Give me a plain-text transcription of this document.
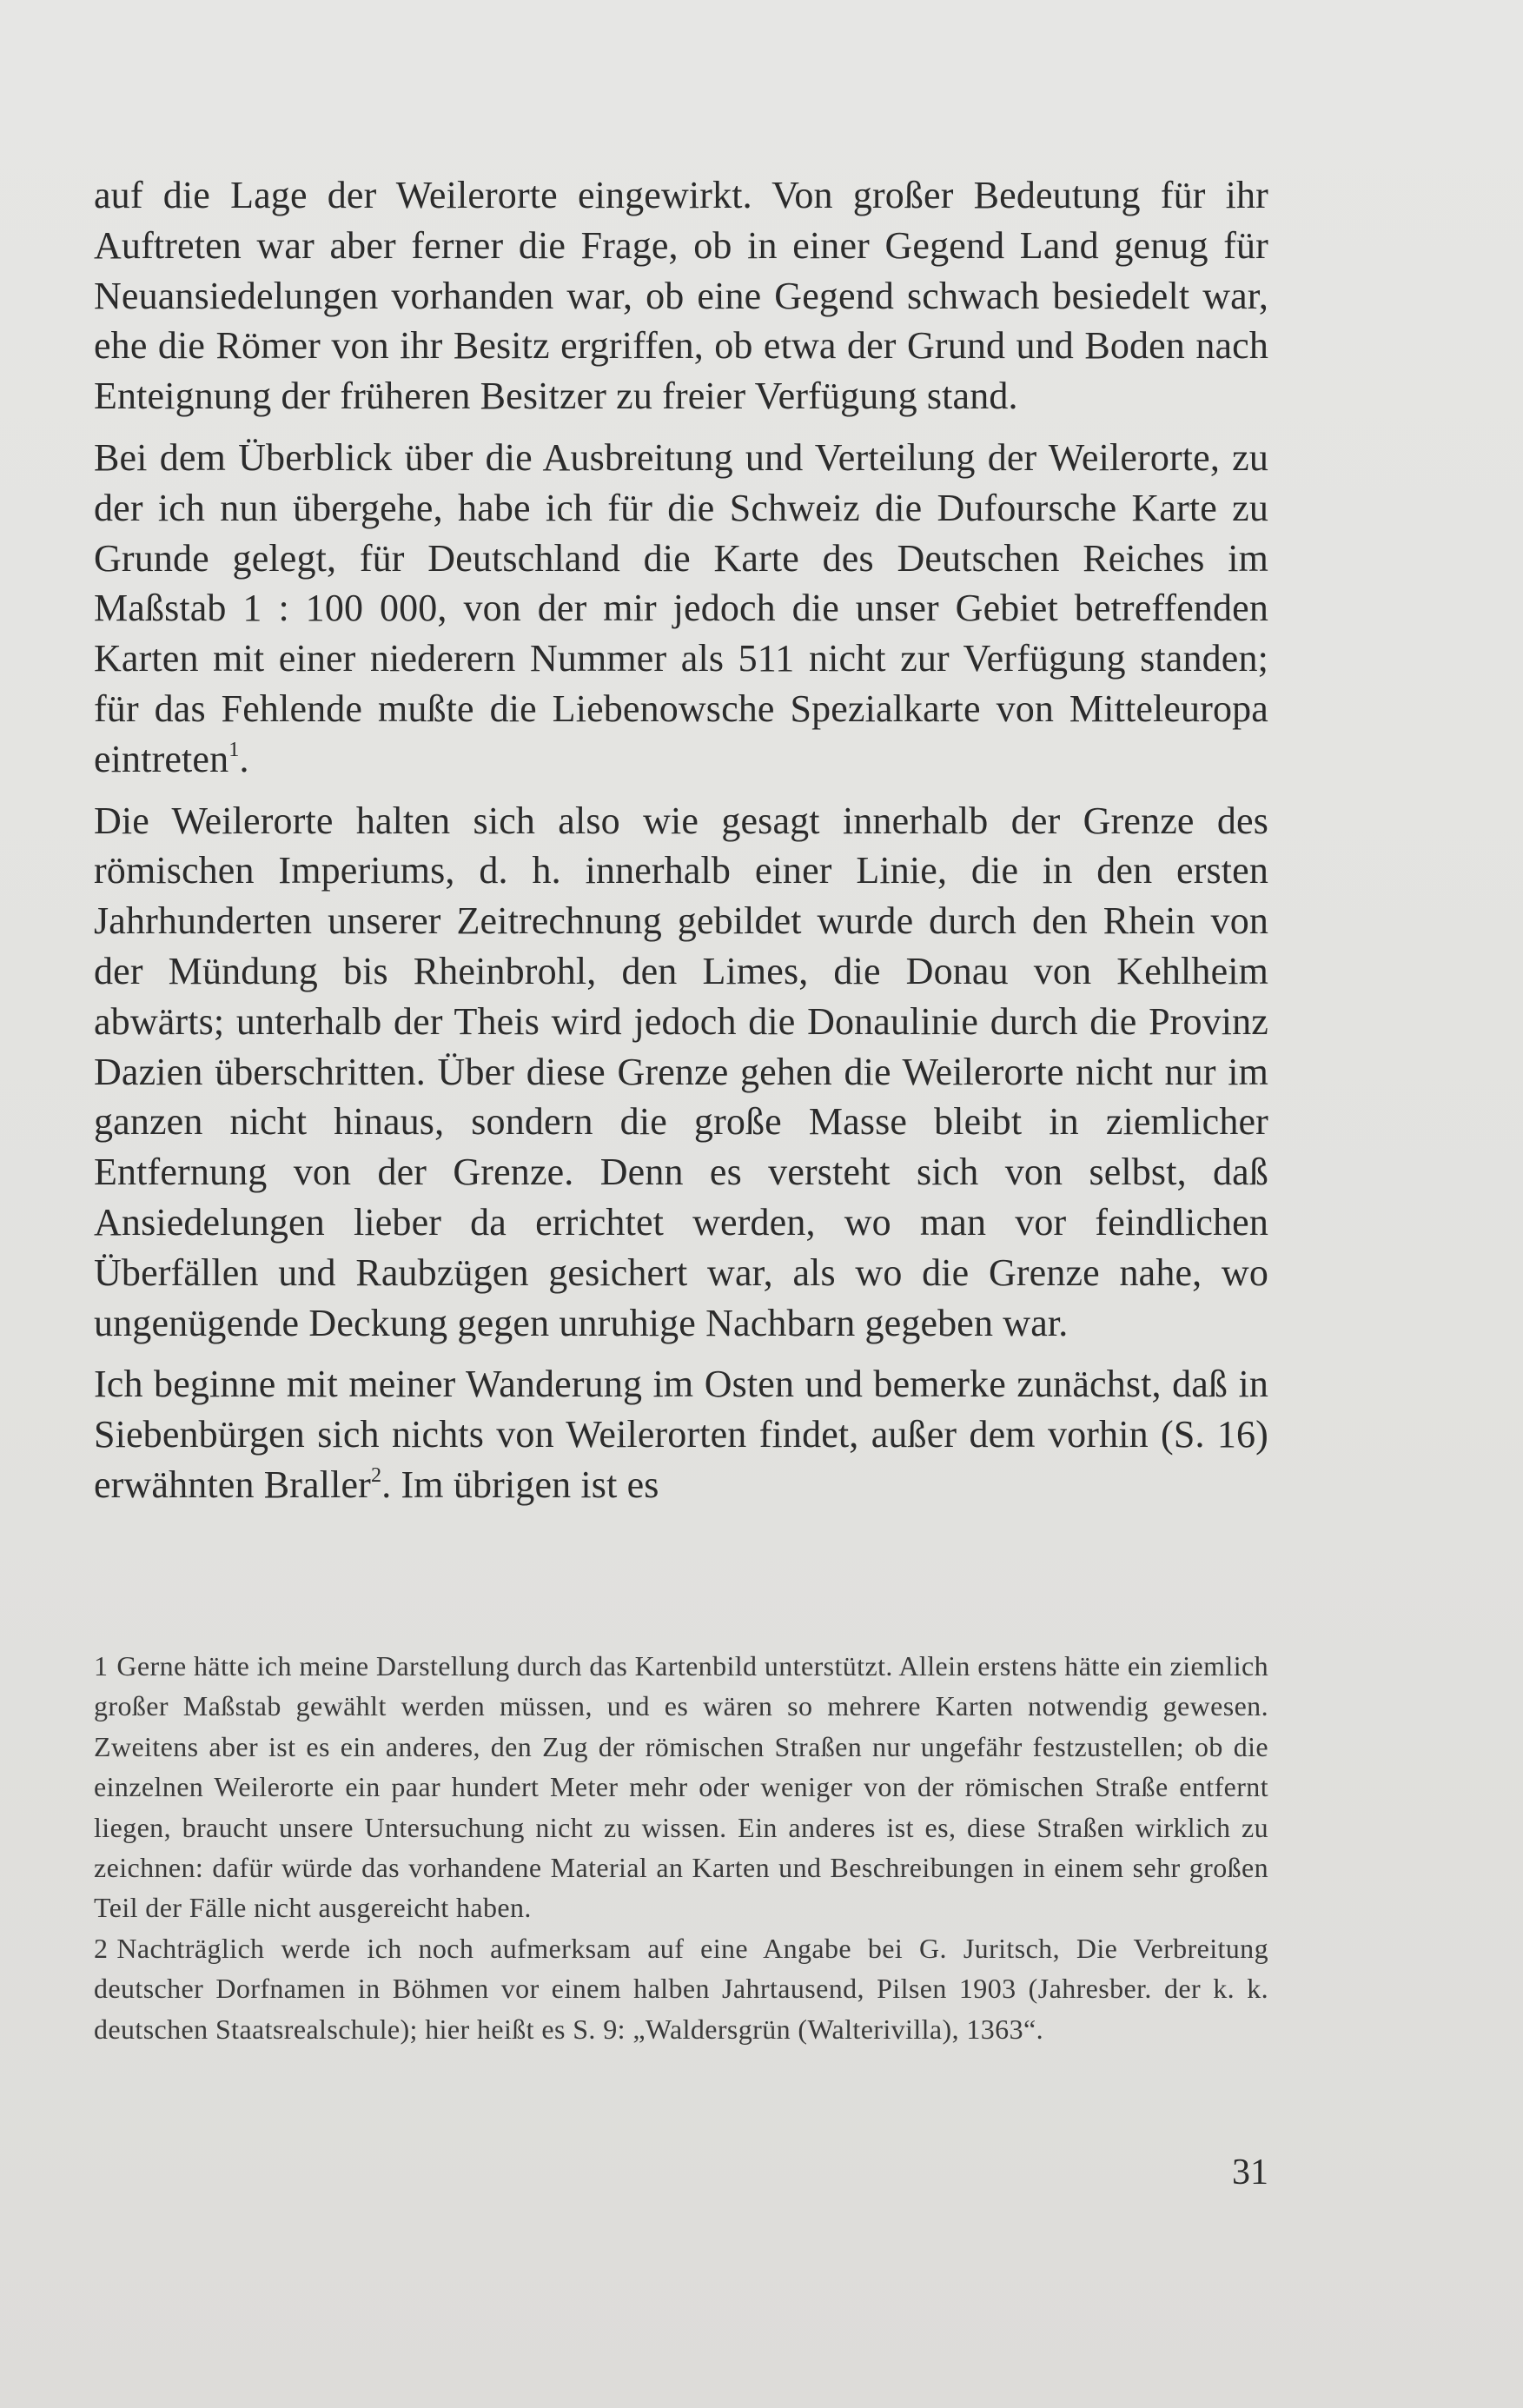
auf die Lage der Weilerorte eingewirkt. Von großer Bedeutung für ihr Auftreten war aber ferner die Frage, ob in einer Gegend Land genug für Neuansiedelungen vorhanden war, ob eine Gegend schwach besiedelt war, ehe die Römer von ihr Besitz ergriffen, ob etwa der Grund und Boden nach Enteignung der früheren Besitzer zu freier Verfügung stand.

Bei dem Überblick über die Ausbreitung und Verteilung der Weilerorte, zu der ich nun übergehe, habe ich für die Schweiz die Dufoursche Karte zu Grunde gelegt, für Deutschland die Karte des Deutschen Reiches im Maßstab 1 : 100 000, von der mir jedoch die unser Gebiet betreffenden Karten mit einer niederern Nummer als 511 nicht zur Verfügung standen; für das Fehlende mußte die Liebenowsche Spezialkarte von Mitteleuropa eintreten$^1$.

Die Weilerorte halten sich also wie gesagt innerhalb der Grenze des römischen Imperiums, d. h. innerhalb einer Linie, die in den ersten Jahrhunderten unserer Zeitrechnung gebildet wurde durch den Rhein von der Mündung bis Rheinbrohl, den Limes, die Donau von Kehlheim abwärts; unterhalb der Theis wird jedoch die Donaulinie durch die Provinz Dazien überschritten. Über diese Grenze gehen die Weilerorte nicht nur im ganzen nicht hinaus, sondern die große Masse bleibt in ziemlicher Entfernung von der Grenze. Denn es versteht sich von selbst, daß Ansiedelungen lieber da errichtet werden, wo man vor feindlichen Überfällen und Raubzügen gesichert war, als wo die Grenze nahe, wo ungenügende Deckung gegen unruhige Nachbarn gegeben war.

Ich beginne mit meiner Wanderung im Osten und bemerke zunächst, daß in Siebenbürgen sich nichts von Weilerorten findet, außer dem vorhin (S. 16) erwähnten Braller$^2$. Im übrigen ist es

1 Gerne hätte ich meine Darstellung durch das Kartenbild unterstützt. Allein erstens hätte ein ziemlich großer Maßstab gewählt werden müssen, und es wären so mehrere Karten notwendig gewesen. Zweitens aber ist es ein anderes, den Zug der römischen Straßen nur ungefähr festzustellen; ob die einzelnen Weilerorte ein paar hundert Meter mehr oder weniger von der römischen Straße entfernt liegen, braucht unsere Untersuchung nicht zu wissen. Ein anderes ist es, diese Straßen wirklich zu zeichnen: dafür würde das vorhandene Material an Karten und Beschreibungen in einem sehr großen Teil der Fälle nicht ausgereicht haben.

2 Nachträglich werde ich noch aufmerksam auf eine Angabe bei G. Juritsch, Die Verbreitung deutscher Dorfnamen in Böhmen vor einem halben Jahrtausend, Pilsen 1903 (Jahresber. der k. k. deutschen Staatsrealschule); hier heißt es S. 9: „Waldersgrün (Walterivilla), 1363“.

31
